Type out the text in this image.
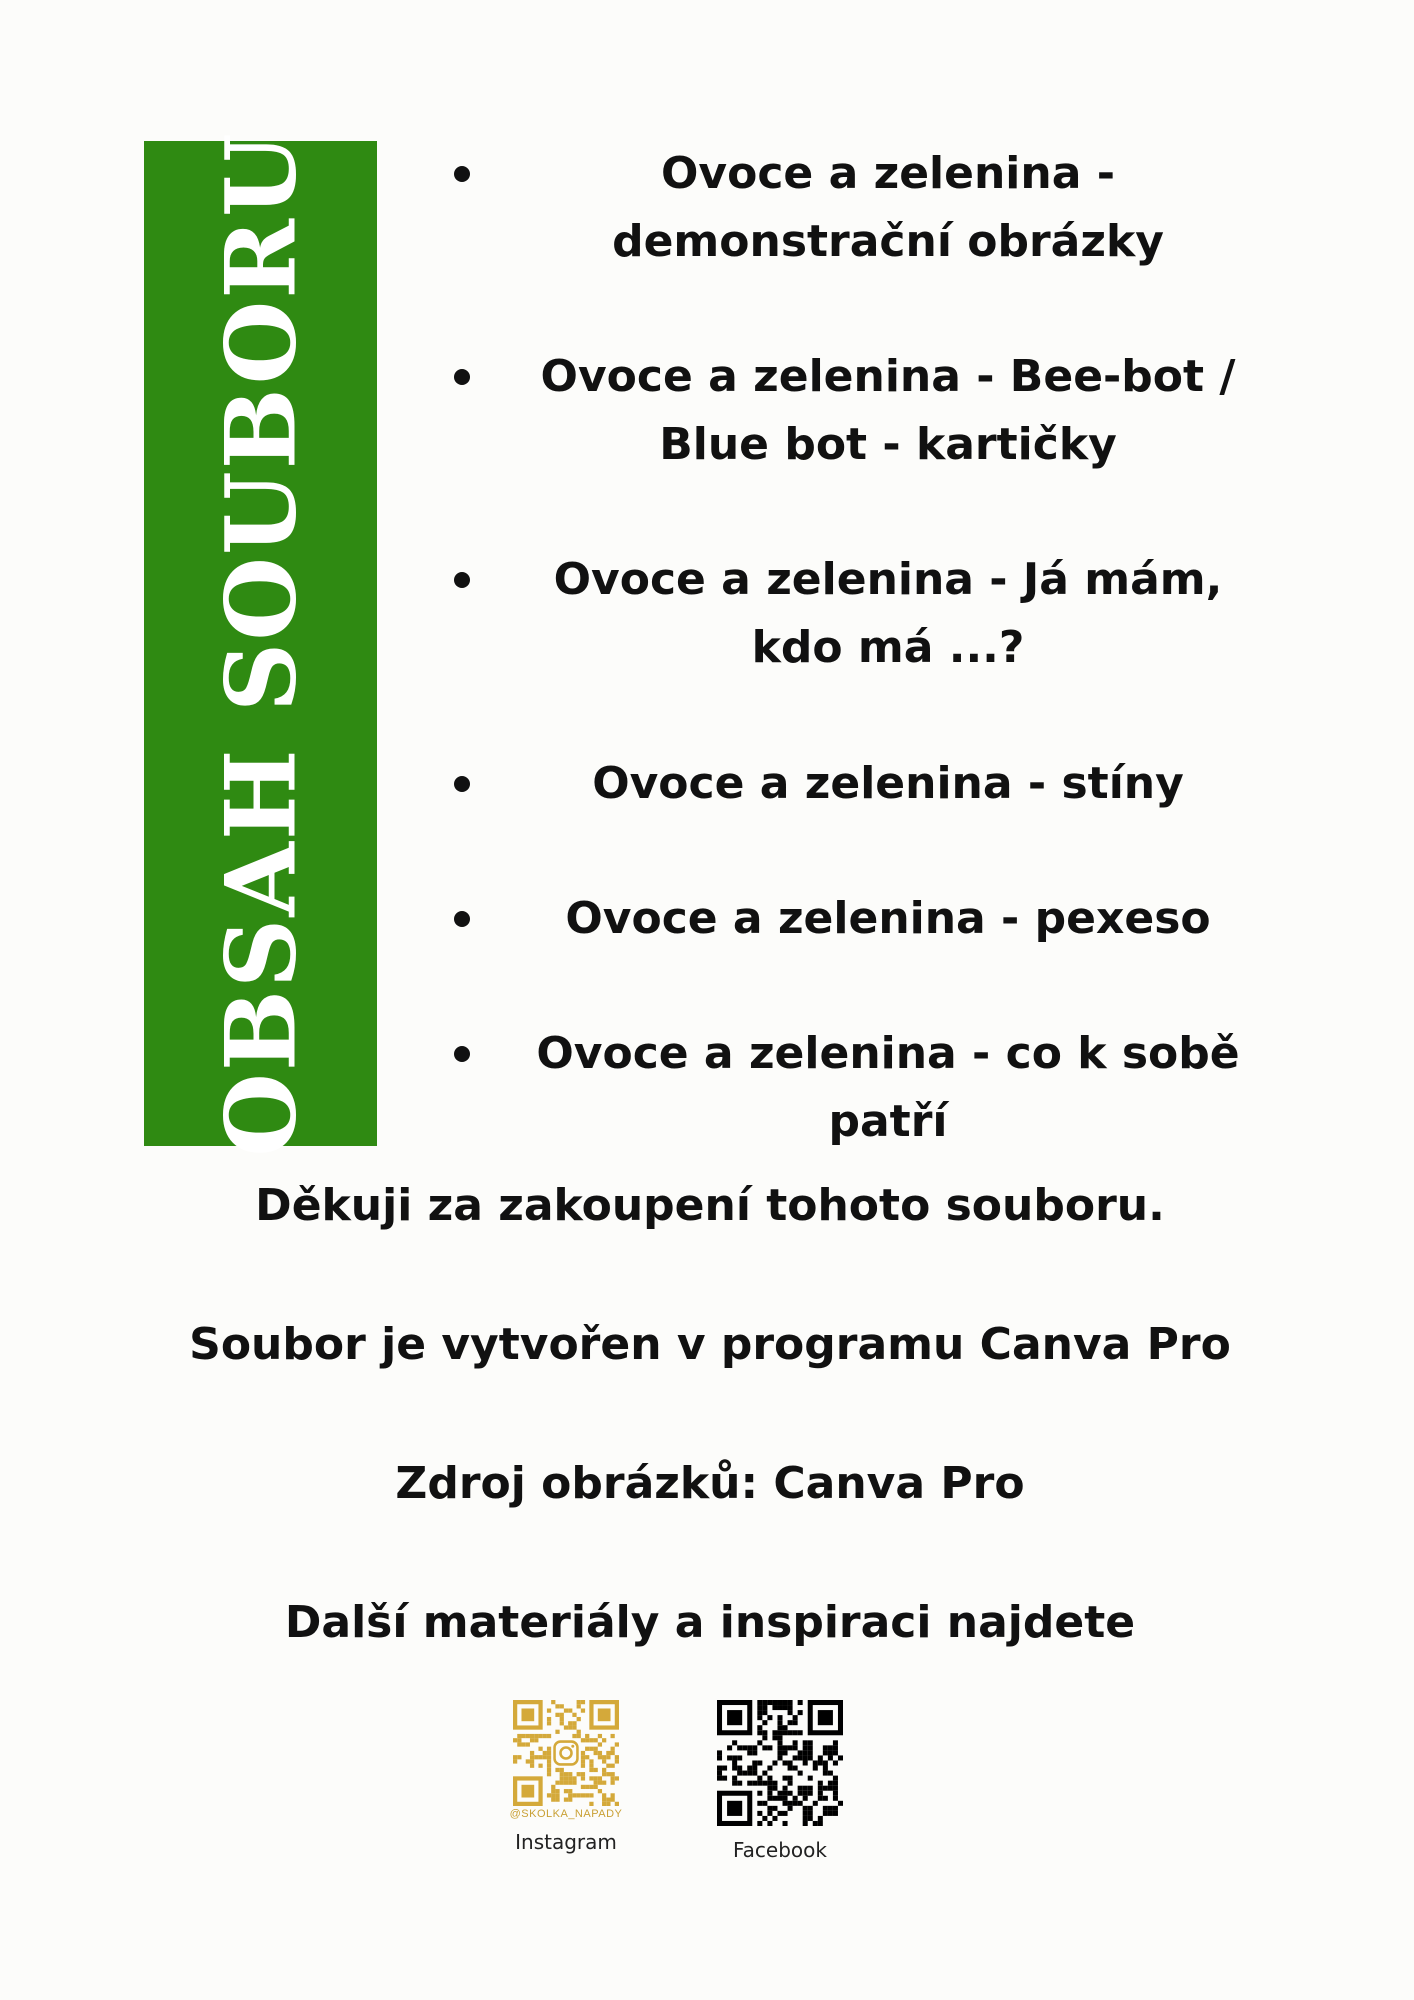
OBSAH SOUBORU	Ovoce a zelenina - demonstrační obrázky
Ovoce a zelenina - Bee-bot / Blue bot - kartičky
Ovoce a zelenina - Já mám, kdo má ...?
Ovoce a zelenina - stíny
Ovoce a zelenina - pexeso
Ovoce a zelenina - co k sobě patří
Děkuji za zakoupení tohoto souboru.
Soubor je vytvořen v programu Canva Pro
Zdroj obrázků: Canva Pro
Další materiály a inspiraci najdete
@SKOLKA_NAPADY
Instagram	Facebook
